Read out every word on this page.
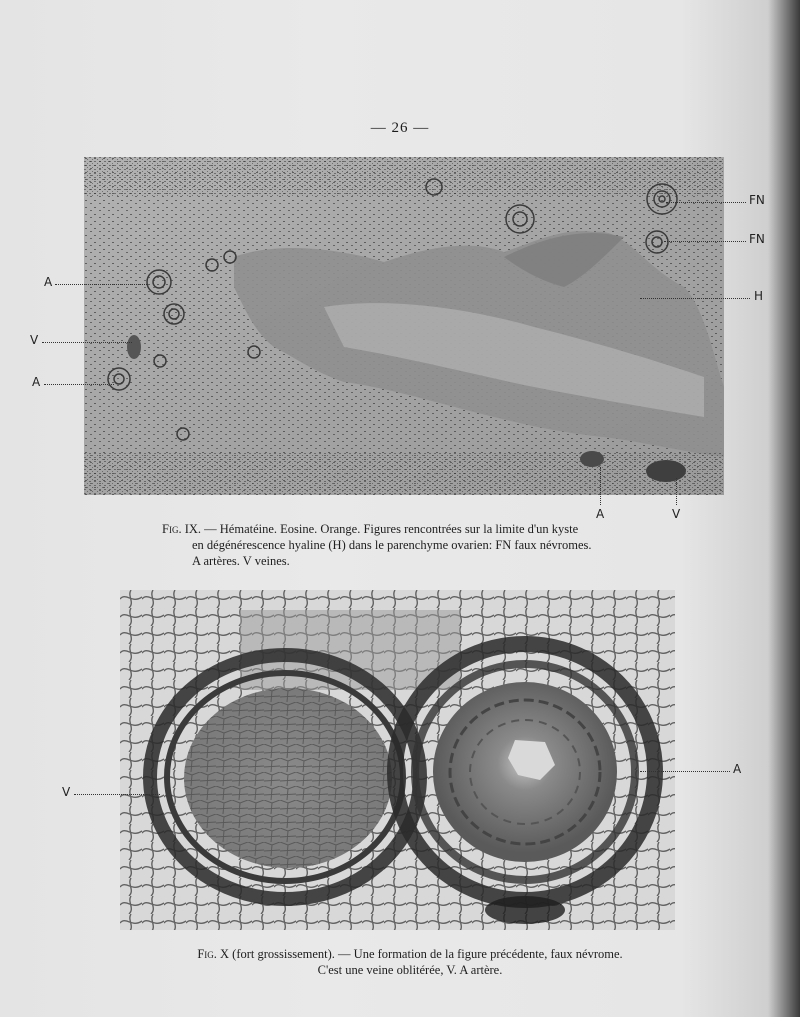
— 26 —
FN
FN
H
A
V
A
A	V
Fig. IX. — Hématéine. Eosine. Orange. Figures rencontrées sur la limite d'un kyste
en dégénérescence hyaline (H) dans le parenchyme ovarien: FN faux névromes.
A artères. V veines.
V
A
Fig. X (fort grossissement). — Une formation de la figure précédente, faux névrome.
C'est une veine oblitérée, V. A artère.
